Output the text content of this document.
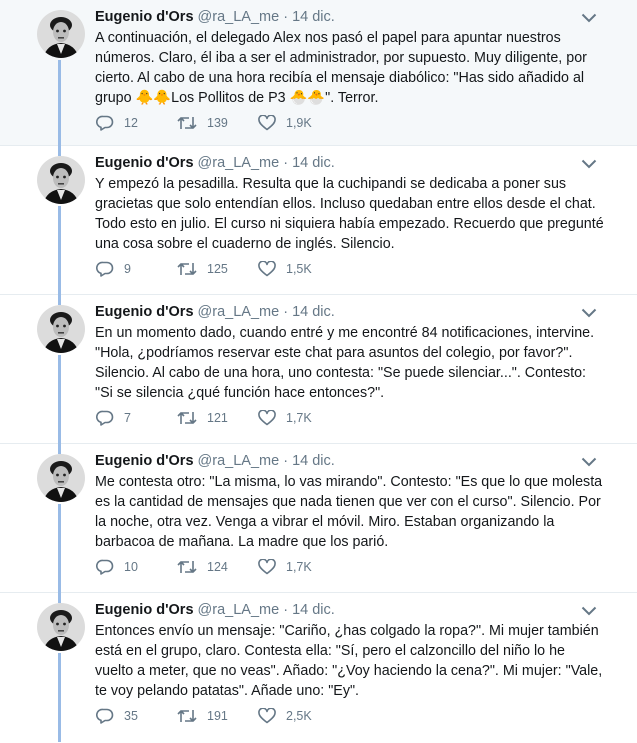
Eugenio d'Ors @ra_LA_me · 14 dic.
A continuación, el delegado Alex nos pasó el papel para apuntar nuestros números. Claro, él iba a ser el administrador, por supuesto. Muy diligente, por cierto. Al cabo de una hora recibía el mensaje diabólico: "Has sido añadido al grupo 🐥🐥Los Pollitos de P3 🐣🐣". Terror.
12	139	1,9K
Eugenio d'Ors @ra_LA_me · 14 dic.
Y empezó la pesadilla. Resulta que la cuchipandi se dedicaba a poner sus gracietas que solo entendían ellos. Incluso quedaban entre ellos desde el chat. Todo esto en julio. El curso ni siquiera había empezado. Recuerdo que pregunté una cosa sobre el cuaderno de inglés. Silencio.
9	125	1,5K
Eugenio d'Ors @ra_LA_me · 14 dic.
En un momento dado, cuando entré y me encontré 84 notificaciones, intervine. "Hola, ¿podríamos reservar este chat para asuntos del colegio, por favor?". Silencio. Al cabo de una hora, uno contesta: "Se puede silenciar...". Contesto: "Si se silencia ¿qué función hace entonces?".
7	121	1,7K
Eugenio d'Ors @ra_LA_me · 14 dic.
Me contesta otro: "La misma, lo vas mirando". Contesto: "Es que lo que molesta es la cantidad de mensajes que nada tienen que ver con el curso". Silencio. Por la noche, otra vez. Venga a vibrar el móvil. Miro. Estaban organizando la barbacoa de mañana. La madre que los parió.
10	124	1,7K
Eugenio d'Ors @ra_LA_me · 14 dic.
Entonces envío un mensaje: "Cariño, ¿has colgado la ropa?". Mi mujer también está en el grupo, claro. Contesta ella: "Sí, pero el calzoncillo del niño lo he vuelto a meter, que no veas". Añado: "¿Voy haciendo la cena?". Mi mujer: "Vale, te voy pelando patatas". Añade uno: "Ey".
35	191	2,5K
